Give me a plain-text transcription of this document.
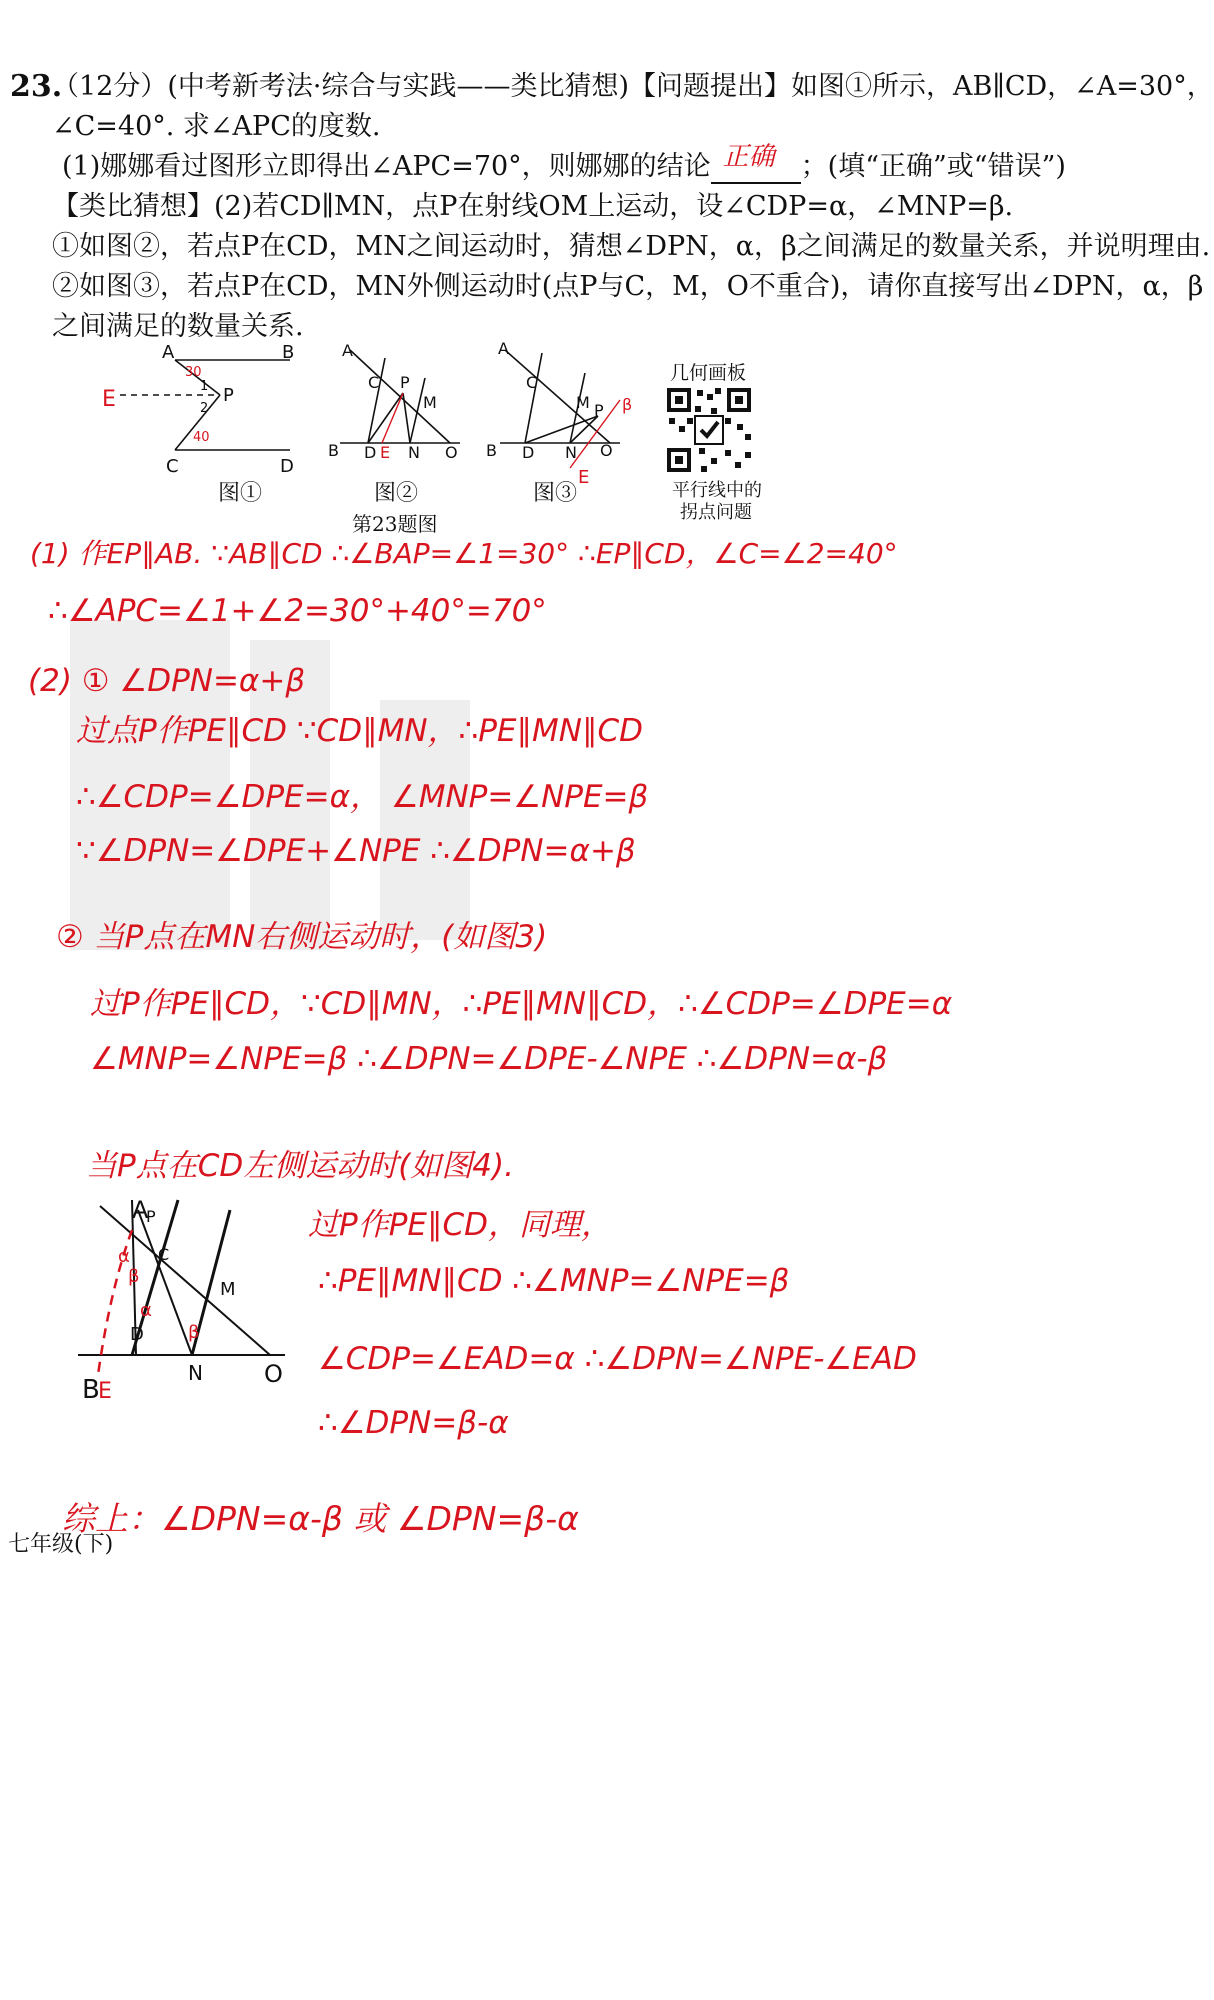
23.
（12分）(中考新考法·综合与实践——类比猜想)【问题提出】如图①所示，AB∥CD，∠A=30°，
∠C=40°. 求∠APC的度数.
(1)娜娜看过图形立即得出∠APC=70°，则娜娜的结论 正确 ；(填“正确”或“错误”)
【类比猜想】(2)若CD∥MN，点P在射线OM上运动，设∠CDP=α，∠MNP=β.
①如图②，若点P在CD，MN之间运动时，猜想∠DPN，α，β之间满足的数量关系，并说明理由.
②如图③，若点P在CD，MN外侧运动时(点P与C，M，O不重合)，请你直接写出∠DPN，α，β
之间满足的数量关系.
A	B
C	D
P
E
30
40
1
2
图①
A
B
C
D E
M
N O
P
图②
A
B
C
D
E
M
N O
P β
图③
第23题图
几何画板
平行线中的
拐点问题
(1) 作EP∥AB. ∵AB∥CD ∴∠BAP=∠1=30° ∴EP∥CD，∠C=∠2=40°
∴∠APC=∠1+∠2=30°+40°=70°
(2) ① ∠DPN=α+β
过点P作PE∥CD ∵CD∥MN，∴PE∥MN∥CD
∴∠CDP=∠DPE=α， ∠MNP=∠NPE=β
∵∠DPN=∠DPE+∠NPE ∴∠DPN=α+β
② 当P点在MN右侧运动时，(如图3)
过P作PE∥CD，∵CD∥MN，∴PE∥MN∥CD，∴∠CDP=∠DPE=α
∠MNP=∠NPE=β ∴∠DPN=∠DPE-∠NPE ∴∠DPN=α-β
当P点在CD左侧运动时(如图4).
A
P
B
E
C
D
M
N	O
α
α
β
β
过P作PE∥CD，同理，
∴PE∥MN∥CD ∴∠MNP=∠NPE=β
∠CDP=∠EAD=α ∴∠DPN=∠NPE-∠EAD
∴∠DPN=β-α
综上：∠DPN=α-β 或 ∠DPN=β-α
七年级(下)
